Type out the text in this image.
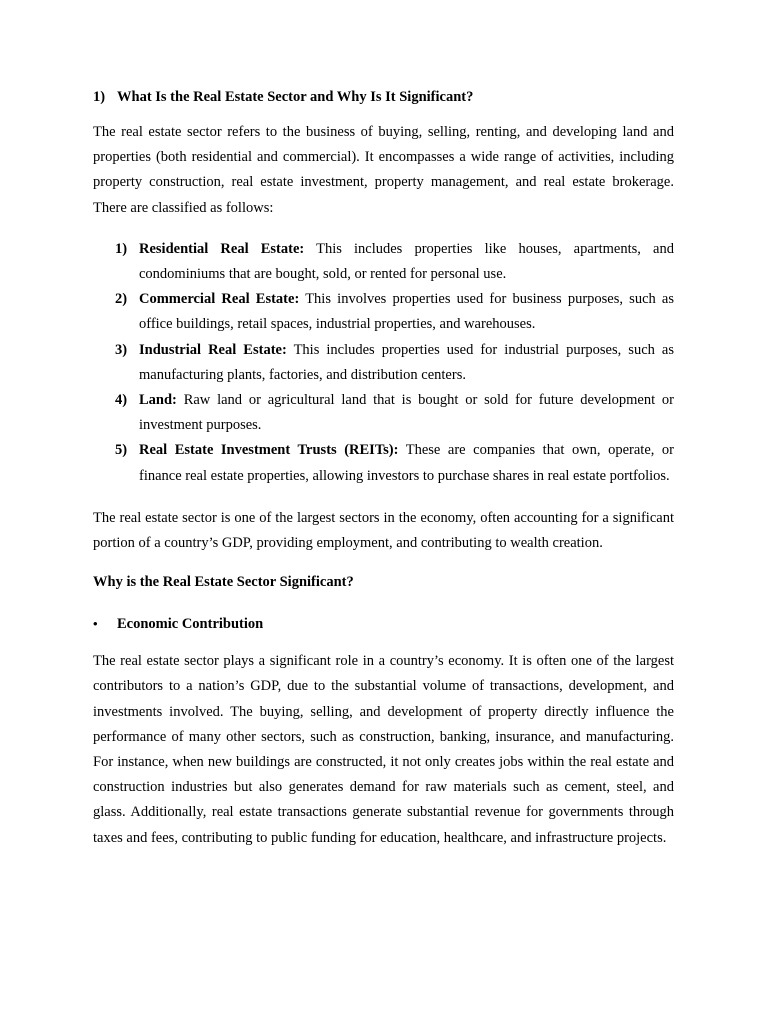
1) What Is the Real Estate Sector and Why Is It Significant?

The real estate sector refers to the business of buying, selling, renting, and developing land and properties (both residential and commercial). It encompasses a wide range of activities, including property construction, real estate investment, property management, and real estate brokerage. There are classified as follows:

1) Residential Real Estate: This includes properties like houses, apartments, and condominiums that are bought, sold, or rented for personal use.
2) Commercial Real Estate: This involves properties used for business purposes, such as office buildings, retail spaces, industrial properties, and warehouses.
3) Industrial Real Estate: This includes properties used for industrial purposes, such as manufacturing plants, factories, and distribution centers.
4) Land: Raw land or agricultural land that is bought or sold for future development or investment purposes.
5) Real Estate Investment Trusts (REITs): These are companies that own, operate, or finance real estate properties, allowing investors to purchase shares in real estate portfolios.

The real estate sector is one of the largest sectors in the economy, often accounting for a significant portion of a country’s GDP, providing employment, and contributing to wealth creation.

Why is the Real Estate Sector Significant?
•	Economic Contribution

The real estate sector plays a significant role in a country’s economy. It is often one of the largest contributors to a nation’s GDP, due to the substantial volume of transactions, development, and investments involved. The buying, selling, and development of property directly influence the performance of many other sectors, such as construction, banking, insurance, and manufacturing. For instance, when new buildings are constructed, it not only creates jobs within the real estate and construction industries but also generates demand for raw materials such as cement, steel, and glass. Additionally, real estate transactions generate substantial revenue for governments through taxes and fees, contributing to public funding for education, healthcare, and infrastructure projects.
